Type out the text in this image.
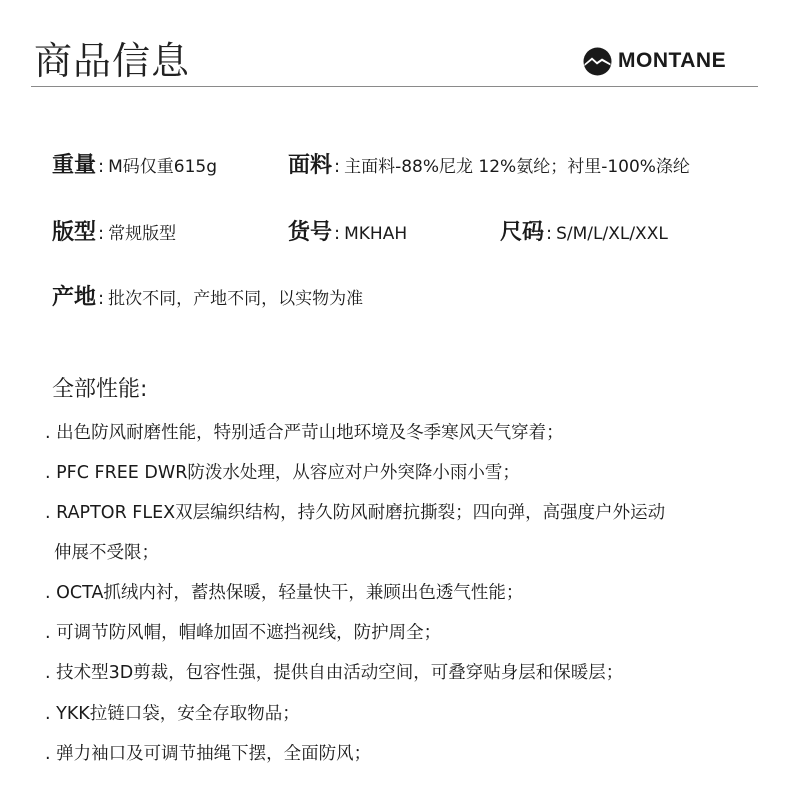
商品信息	MONTANE
重量 : M码仅重615g	面料 : 主面料-88%尼龙 12%氨纶；衬里-100%涤纶
版型 : 常规版型	货号 : MKHAH	尺码 : S/M/L/XL/XXL
产地 : 批次不同，产地不同，以实物为准
全部性能:
. 出色防风耐磨性能，特别适合严苛山地环境及冬季寒风天气穿着；
. PFC FREE DWR防泼水处理，从容应对户外突降小雨小雪；
. RAPTOR FLEX双层编织结构，持久防风耐磨抗撕裂；四向弹，高强度户外运动
伸展不受限；
. OCTA抓绒内衬，蓄热保暖，轻量快干，兼顾出色透气性能；
. 可调节防风帽，帽峰加固不遮挡视线，防护周全；
. 技术型3D剪裁，包容性强，提供自由活动空间，可叠穿贴身层和保暖层；
. YKK拉链口袋，安全存取物品；
. 弹力袖口及可调节抽绳下摆，全面防风；
